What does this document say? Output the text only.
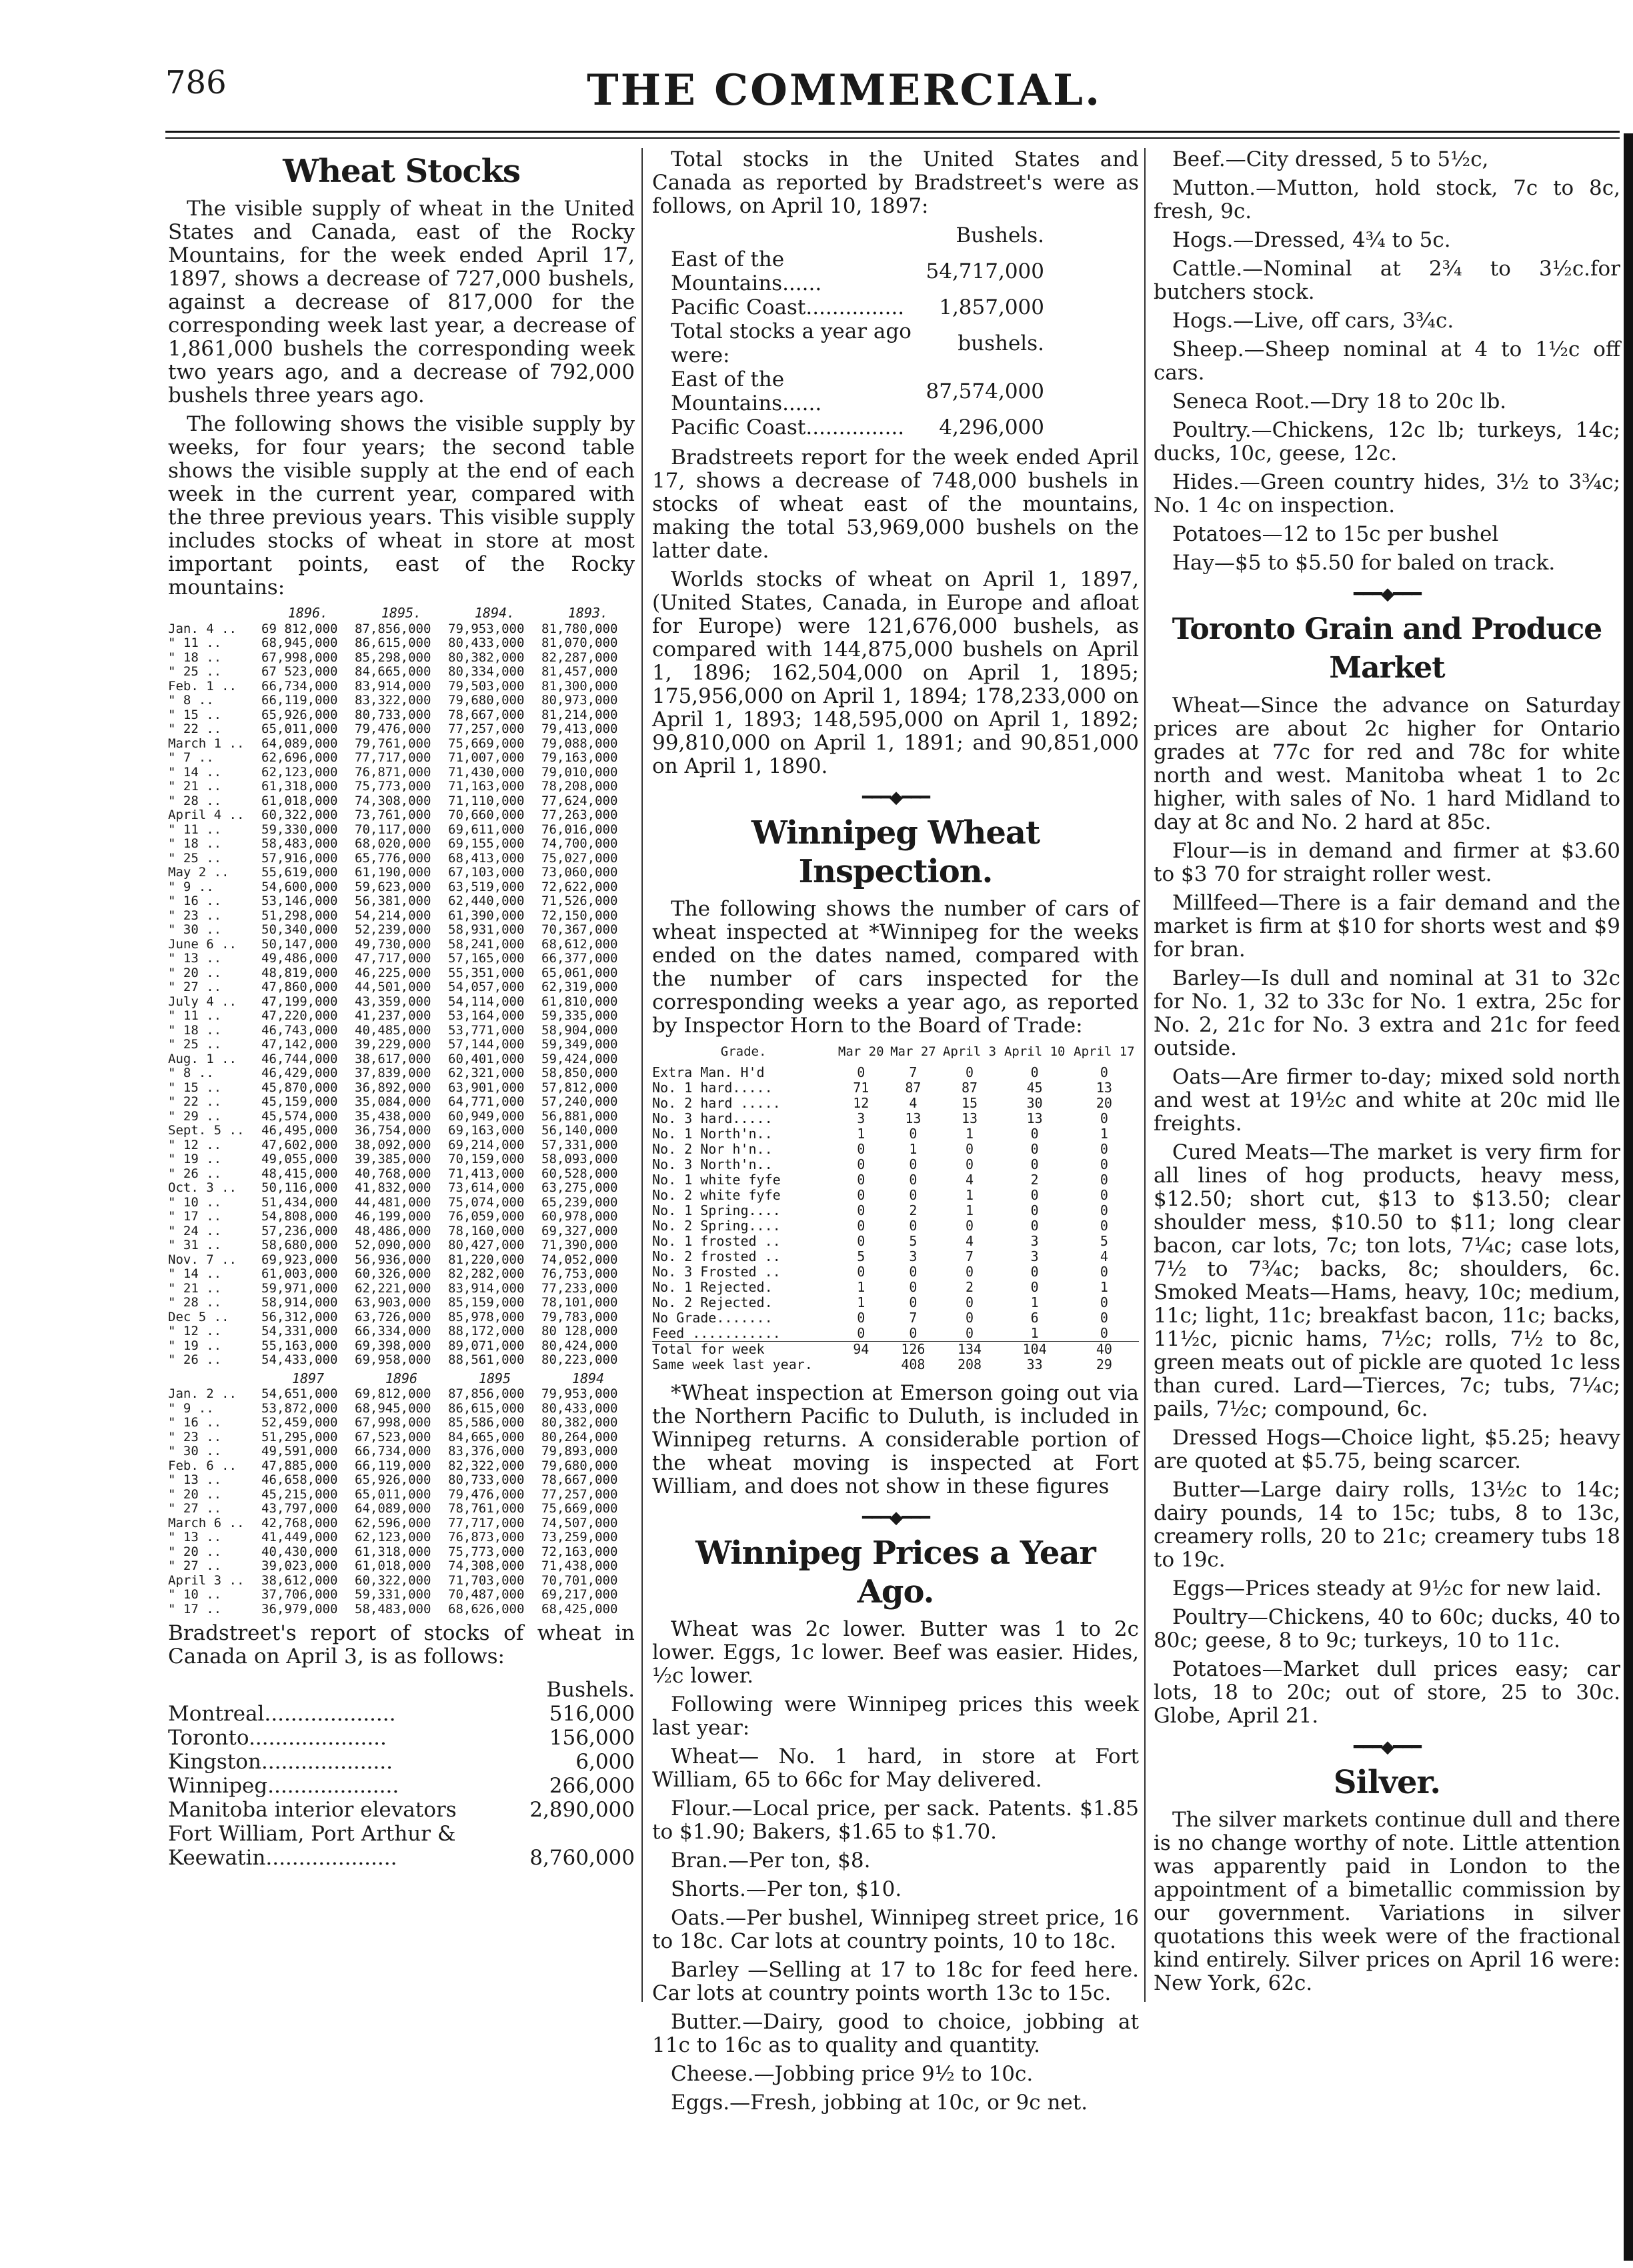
786	THE COMMERCIAL.
Wheat Stocks

The visible supply of wheat in the United States and Canada, east of the Rocky Mountains, for the week ended April 17, 1897, shows a decrease of 727,000 bushels, against a decrease of 817,000 for the corresponding week last year, a decrease of 1,861,000 bushels the corresponding week two years ago, and a decrease of 792,000 bushels three years ago.

The following shows the visible supply by weeks, for four years; the second table shows the visible supply at the end of each week in the current year, compared with the three previous years. This visible supply includes stocks of wheat in store at most important points, east of the Rocky mountains:

	1896.	1895.	1894.	1893.
Jan. 4 ..	69 812,000	87,856,000	79,953,000	81,780,000
" 11 ..	68,945,000	86,615,000	80,433,000	81,070,000
" 18 ..	67,998,000	85,298,000	80,382,000	82,287,000
" 25 ..	67 523,000	84,665,000	80,334,000	81,457,000
Feb. 1 ..	66,734,000	83,914,000	79,503,000	81,300,000
" 8 ..	66,119,000	83,322,000	79,680,000	80,973,000
" 15 ..	65,926,000	80,733,000	78,667,000	81,214,000
" 22 ..	65,011,000	79,476,000	77,257,000	79,413,000
March 1 ..	64,089,000	79,761,000	75,669,000	79,088,000
" 7 ..	62,696,000	77,717,000	71,007,000	79,163,000
" 14 ..	62,123,000	76,871,000	71,430,000	79,010,000
" 21 ..	61,318,000	75,773,000	71,163,000	78,208,000
" 28 ..	61,018,000	74,308,000	71,110,000	77,624,000
April 4 ..	60,322,000	73,761,000	70,660,000	77,263,000
" 11 ..	59,330,000	70,117,000	69,611,000	76,016,000
" 18 ..	58,483,000	68,020,000	69,155,000	74,700,000
" 25 ..	57,916,000	65,776,000	68,413,000	75,027,000
May 2 ..	55,619,000	61,190,000	67,103,000	73,060,000
" 9 ..	54,600,000	59,623,000	63,519,000	72,622,000
" 16 ..	53,146,000	56,381,000	62,440,000	71,526,000
" 23 ..	51,298,000	54,214,000	61,390,000	72,150,000
" 30 ..	50,340,000	52,239,000	58,931,000	70,367,000
June 6 ..	50,147,000	49,730,000	58,241,000	68,612,000
" 13 ..	49,486,000	47,717,000	57,165,000	66,377,000
" 20 ..	48,819,000	46,225,000	55,351,000	65,061,000
" 27 ..	47,860,000	44,501,000	54,057,000	62,319,000
July 4 ..	47,199,000	43,359,000	54,114,000	61,810,000
" 11 ..	47,220,000	41,237,000	53,164,000	59,335,000
" 18 ..	46,743,000	40,485,000	53,771,000	58,904,000
" 25 ..	47,142,000	39,229,000	57,144,000	59,349,000
Aug. 1 ..	46,744,000	38,617,000	60,401,000	59,424,000
" 8 ..	46,429,000	37,839,000	62,321,000	58,850,000
" 15 ..	45,870,000	36,892,000	63,901,000	57,812,000
" 22 ..	45,159,000	35,084,000	64,771,000	57,240,000
" 29 ..	45,574,000	35,438,000	60,949,000	56,881,000
Sept. 5 ..	46,495,000	36,754,000	69,163,000	56,140,000
" 12 ..	47,602,000	38,092,000	69,214,000	57,331,000
" 19 ..	49,055,000	39,385,000	70,159,000	58,093,000
" 26 ..	48,415,000	40,768,000	71,413,000	60,528,000
Oct. 3 ..	50,116,000	41,832,000	73,614,000	63,275,000
" 10 ..	51,434,000	44,481,000	75,074,000	65,239,000
" 17 ..	54,808,000	46,199,000	76,059,000	60,978,000
" 24 ..	57,236,000	48,486,000	78,160,000	69,327,000
" 31 ..	58,680,000	52,090,000	80,427,000	71,390,000
Nov. 7 ..	69,923,000	56,936,000	81,220,000	74,052,000
" 14 ..	61,003,000	60,326,000	82,282,000	76,753,000
" 21 ..	59,971,000	62,221,000	83,914,000	77,233,000
" 28 ..	58,914,000	63,903,000	85,159,000	78,101,000
Dec 5 ..	56,312,000	63,726,000	85,978,000	79,783,000
" 12 ..	54,331,000	66,334,000	88,172,000	80 128,000
" 19 ..	55,163,000	69,398,000	89,071,000	80,424,000
" 26 ..	54,433,000	69,958,000	88,561,000	80,223,000
	1897	1896	1895	1894
Jan. 2 ..	54,651,000	69,812,000	87,856,000	79,953,000
" 9 ..	53,872,000	68,945,000	86,615,000	80,433,000
" 16 ..	52,459,000	67,998,000	85,586,000	80,382,000
" 23 ..	51,295,000	67,523,000	84,665,000	80,264,000
" 30 ..	49,591,000	66,734,000	83,376,000	79,893,000
Feb. 6 ..	47,885,000	66,119,000	82,322,000	79,680,000
" 13 ..	46,658,000	65,926,000	80,733,000	78,667,000
" 20 ..	45,215,000	65,011,000	79,476,000	77,257,000
" 27 ..	43,797,000	64,089,000	78,761,000	75,669,000
March 6 ..	42,768,000	62,596,000	77,717,000	74,507,000
" 13 ..	41,449,000	62,123,000	76,873,000	73,259,000
" 20 ..	40,430,000	61,318,000	75,773,000	72,163,000
" 27 ..	39,023,000	61,018,000	74,308,000	71,438,000
April 3 ..	38,612,000	60,322,000	71,703,000	70,701,000
" 10 ..	37,706,000	59,331,000	70,487,000	69,217,000
" 17 ..	36,979,000	58,483,000	68,626,000	68,425,000

Bradstreet's report of stocks of wheat in Canada on April 3, is as follows:

	Bushels.
Montreal....................	516,000
Toronto.....................	156,000
Kingston....................	6,000
Winnipeg....................	266,000
Manitoba interior elevators	2,890,000
Fort William, Port Arthur &	
Keewatin....................	8,760,000

Total stocks in the United States and Canada as reported by Bradstreet's were as follows, on April 10, 1897:

	Bushels.
East of the Mountains......	54,717,000
Pacific Coast...............	1,857,000
Total stocks a year ago were:	bushels.
East of the Mountains......	87,574,000
Pacific Coast...............	4,296,000

Bradstreets report for the week ended April 17, shows a decrease of 748,000 bushels in stocks of wheat east of the mountains, making the total 53,969,000 bushels on the latter date.

Worlds stocks of wheat on April 1, 1897, (United States, Canada, in Europe and afloat for Europe) were 121,676,000 bushels, as compared with 144,875,000 bushels on April 1, 1896; 162,504,000 on April 1, 1895; 175,956,000 on April 1, 1894; 178,233,000 on April 1, 1893; 148,595,000 on April 1, 1892; 99,810,000 on April 1, 1891; and 90,851,000 on April 1, 1890.

━━━◆━━━
Winnipeg Wheat Inspection.

The following shows the number of cars of wheat inspected at *Winnipeg for the weeks ended on the dates named, compared with the number of cars inspected for the corresponding weeks a year ago, as reported by Inspector Horn to the Board of Trade:

Grade.	Mar 20	Mar 27	April 3	April 10	April 17
Extra Man. H'd	0	7	0	0	0
No. 1 hard.....	71	87	87	45	13
No. 2 hard .....	12	4	15	30	20
No. 3 hard.....	3	13	13	13	0
No. 1 North'n..	1	0	1	0	1
No. 2 Nor h'n..	0	1	0	0	0
No. 3 North'n..	0	0	0	0	0
No. 1 white fyfe	0	0	4	2	0
No. 2 white fyfe	0	0	1	0	0
No. 1 Spring....	0	2	1	0	0
No. 2 Spring....	0	0	0	0	0
No. 1 frosted ..	0	5	4	3	5
No. 2 frosted ..	5	3	7	3	4
No. 3 Frosted ..	0	0	0	0	0
No. 1 Rejected.	1	0	2	0	1
No. 2 Rejected.	1	0	0	1	0
No Grade.......	0	7	0	6	0
Feed ...........	0	0	0	1	0
Total for week	94	126	134	104	40
Same week last year.		408	208	33	29

*Wheat inspection at Emerson going out via the Northern Pacific to Duluth, is included in Winnipeg returns. A considerable portion of the wheat moving is inspected at Fort William, and does not show in these figures

━━━◆━━━
Winnipeg Prices a Year Ago.

Wheat was 2c lower. Butter was 1 to 2c lower. Eggs, 1c lower. Beef was easier. Hides, ½c lower.

Following were Winnipeg prices this week last year:

Wheat— No. 1 hard, in store at Fort William, 65 to 66c for May delivered.

Flour.—Local price, per sack. Patents. $1.85 to $1.90; Bakers, $1.65 to $1.70.

Bran.—Per ton, $8.

Shorts.—Per ton, $10.

Oats.—Per bushel, Winnipeg street price, 16 to 18c. Car lots at country points, 10 to 18c.

Barley —Selling at 17 to 18c for feed here. Car lots at country points worth 13c to 15c.

Butter.—Dairy, good to choice, jobbing at 11c to 16c as to quality and quantity.

Cheese.—Jobbing price 9½ to 10c.

Eggs.—Fresh, jobbing at 10c, or 9c net.

Beef.—City dressed, 5 to 5½c,

Mutton.—Mutton, hold stock, 7c to 8c, fresh, 9c.

Hogs.—Dressed, 4¾ to 5c.

Cattle.—Nominal at 2¾ to 3½c.for butchers stock.

Hogs.—Live, off cars, 3¾c.

Sheep.—Sheep nominal at 4 to 1½c off cars.

Seneca Root.—Dry 18 to 20c lb.

Poultry.—Chickens, 12c lb; turkeys, 14c; ducks, 10c, geese, 12c.

Hides.—Green country hides, 3½ to 3¾c; No. 1 4c on inspection.

Potatoes—12 to 15c per bushel

Hay—$5 to $5.50 for baled on track.

━━━◆━━━
Toronto Grain and Produce Market

Wheat—Since the advance on Saturday prices are about 2c higher for Ontario grades at 77c for red and 78c for white north and west. Manitoba wheat 1 to 2c higher, with sales of No. 1 hard Midland to day at 8c and No. 2 hard at 85c.

Flour—is in demand and firmer at $3.60 to $3 70 for straight roller west.

Millfeed—There is a fair demand and the market is firm at $10 for shorts west and $9 for bran.

Barley—Is dull and nominal at 31 to 32c for No. 1, 32 to 33c for No. 1 extra, 25c for No. 2, 21c for No. 3 extra and 21c for feed outside.

Oats—Are firmer to-day; mixed sold north and west at 19½c and white at 20c mid lle freights.

Cured Meats—The market is very firm for all lines of hog products, heavy mess, $12.50; short cut, $13 to $13.50; clear shoulder mess, $10.50 to $11; long clear bacon, car lots, 7c; ton lots, 7¼c; case lots, 7½ to 7¾c; backs, 8c; shoulders, 6c. Smoked Meats—Hams, heavy, 10c; medium, 11c; light, 11c; breakfast bacon, 11c; backs, 11½c, picnic hams, 7½c; rolls, 7½ to 8c, green meats out of pickle are quoted 1c less than cured. Lard—Tierces, 7c; tubs, 7¼c; pails, 7½c; compound, 6c.

Dressed Hogs—Choice light, $5.25; heavy are quoted at $5.75, being scarcer.

Butter—Large dairy rolls, 13½c to 14c; dairy pounds, 14 to 15c; tubs, 8 to 13c, creamery rolls, 20 to 21c; creamery tubs 18 to 19c.

Eggs—Prices steady at 9½c for new laid.

Poultry—Chickens, 40 to 60c; ducks, 40 to 80c; geese, 8 to 9c; turkeys, 10 to 11c.

Potatoes—Market dull prices easy; car lots, 18 to 20c; out of store, 25 to 30c. Globe, April 21.

━━━◆━━━
Silver.

The silver markets continue dull and there is no change worthy of note. Little attention was apparently paid in London to the appointment of a bimetallic commission by our government. Variations in silver quotations this week were of the fractional kind entirely. Silver prices on April 16 were: New York, 62c.
